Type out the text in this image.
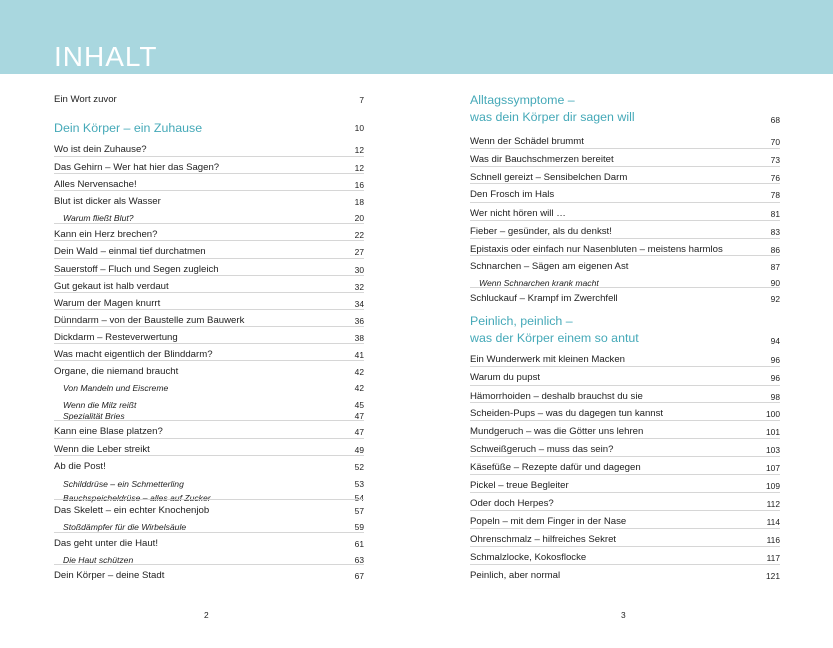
INHALT
Ein Wort zuvor	7
Dein Körper – ein Zuhause	10
Wo ist dein Zuhause?	12
Das Gehirn – Wer hat hier das Sagen?	12
Alles Nervensache!	16
Blut ist dicker als Wasser	18
Warum fließt Blut?	20
Kann ein Herz brechen?	22
Dein Wald – einmal tief durchatmen	27
Sauerstoff – Fluch und Segen zugleich	30
Gut gekaut ist halb verdaut	32
Warum der Magen knurrt	34
Dünndarm – von der Baustelle zum Bauwerk	36
Dickdarm – Resteverwertung	38
Was macht eigentlich der Blinddarm?	41
Organe, die niemand braucht	42
Von Mandeln und Eiscreme	42
Wenn die Milz reißt	45
Spezialität Bries	47
Kann eine Blase platzen?	47
Wenn die Leber streikt	49
Ab die Post!	52
Schilddrüse – ein Schmetterling	53
Bauchspeicheldrüse – alles auf Zucker	54
Das Skelett – ein echter Knochenjob	57
Stoßdämpfer für die Wirbelsäule	59
Das geht unter die Haut!	61
Die Haut schützen	63
Dein Körper – deine Stadt	67
Alltagssymptome –
was dein Körper dir sagen will	68
Wenn der Schädel brummt	70
Was dir Bauchschmerzen bereitet	73
Schnell gereizt – Sensibelchen Darm	76
Den Frosch im Hals	78
Wer nicht hören will …	81
Fieber – gesünder, als du denkst!	83
Epistaxis oder einfach nur Nasenbluten – meistens harmlos	86
Schnarchen – Sägen am eigenen Ast	87
Wenn Schnarchen krank macht	90
Schluckauf – Krampf im Zwerchfell	92
Peinlich, peinlich –
was der Körper einem so antut	94
Ein Wunderwerk mit kleinen Macken	96
Warum du pupst	96
Hämorrhoiden – deshalb brauchst du sie	98
Scheiden-Pups – was du dagegen tun kannst	100
Mundgeruch – was die Götter uns lehren	101
Schweißgeruch – muss das sein?	103
Käsefüße – Rezepte dafür und dagegen	107
Pickel – treue Begleiter	109
Oder doch Herpes?	112
Popeln – mit dem Finger in der Nase	114
Ohrenschmalz – hilfreiches Sekret	116
Schmalzlocke, Kokosflocke	117
Peinlich, aber normal	121
2	3
